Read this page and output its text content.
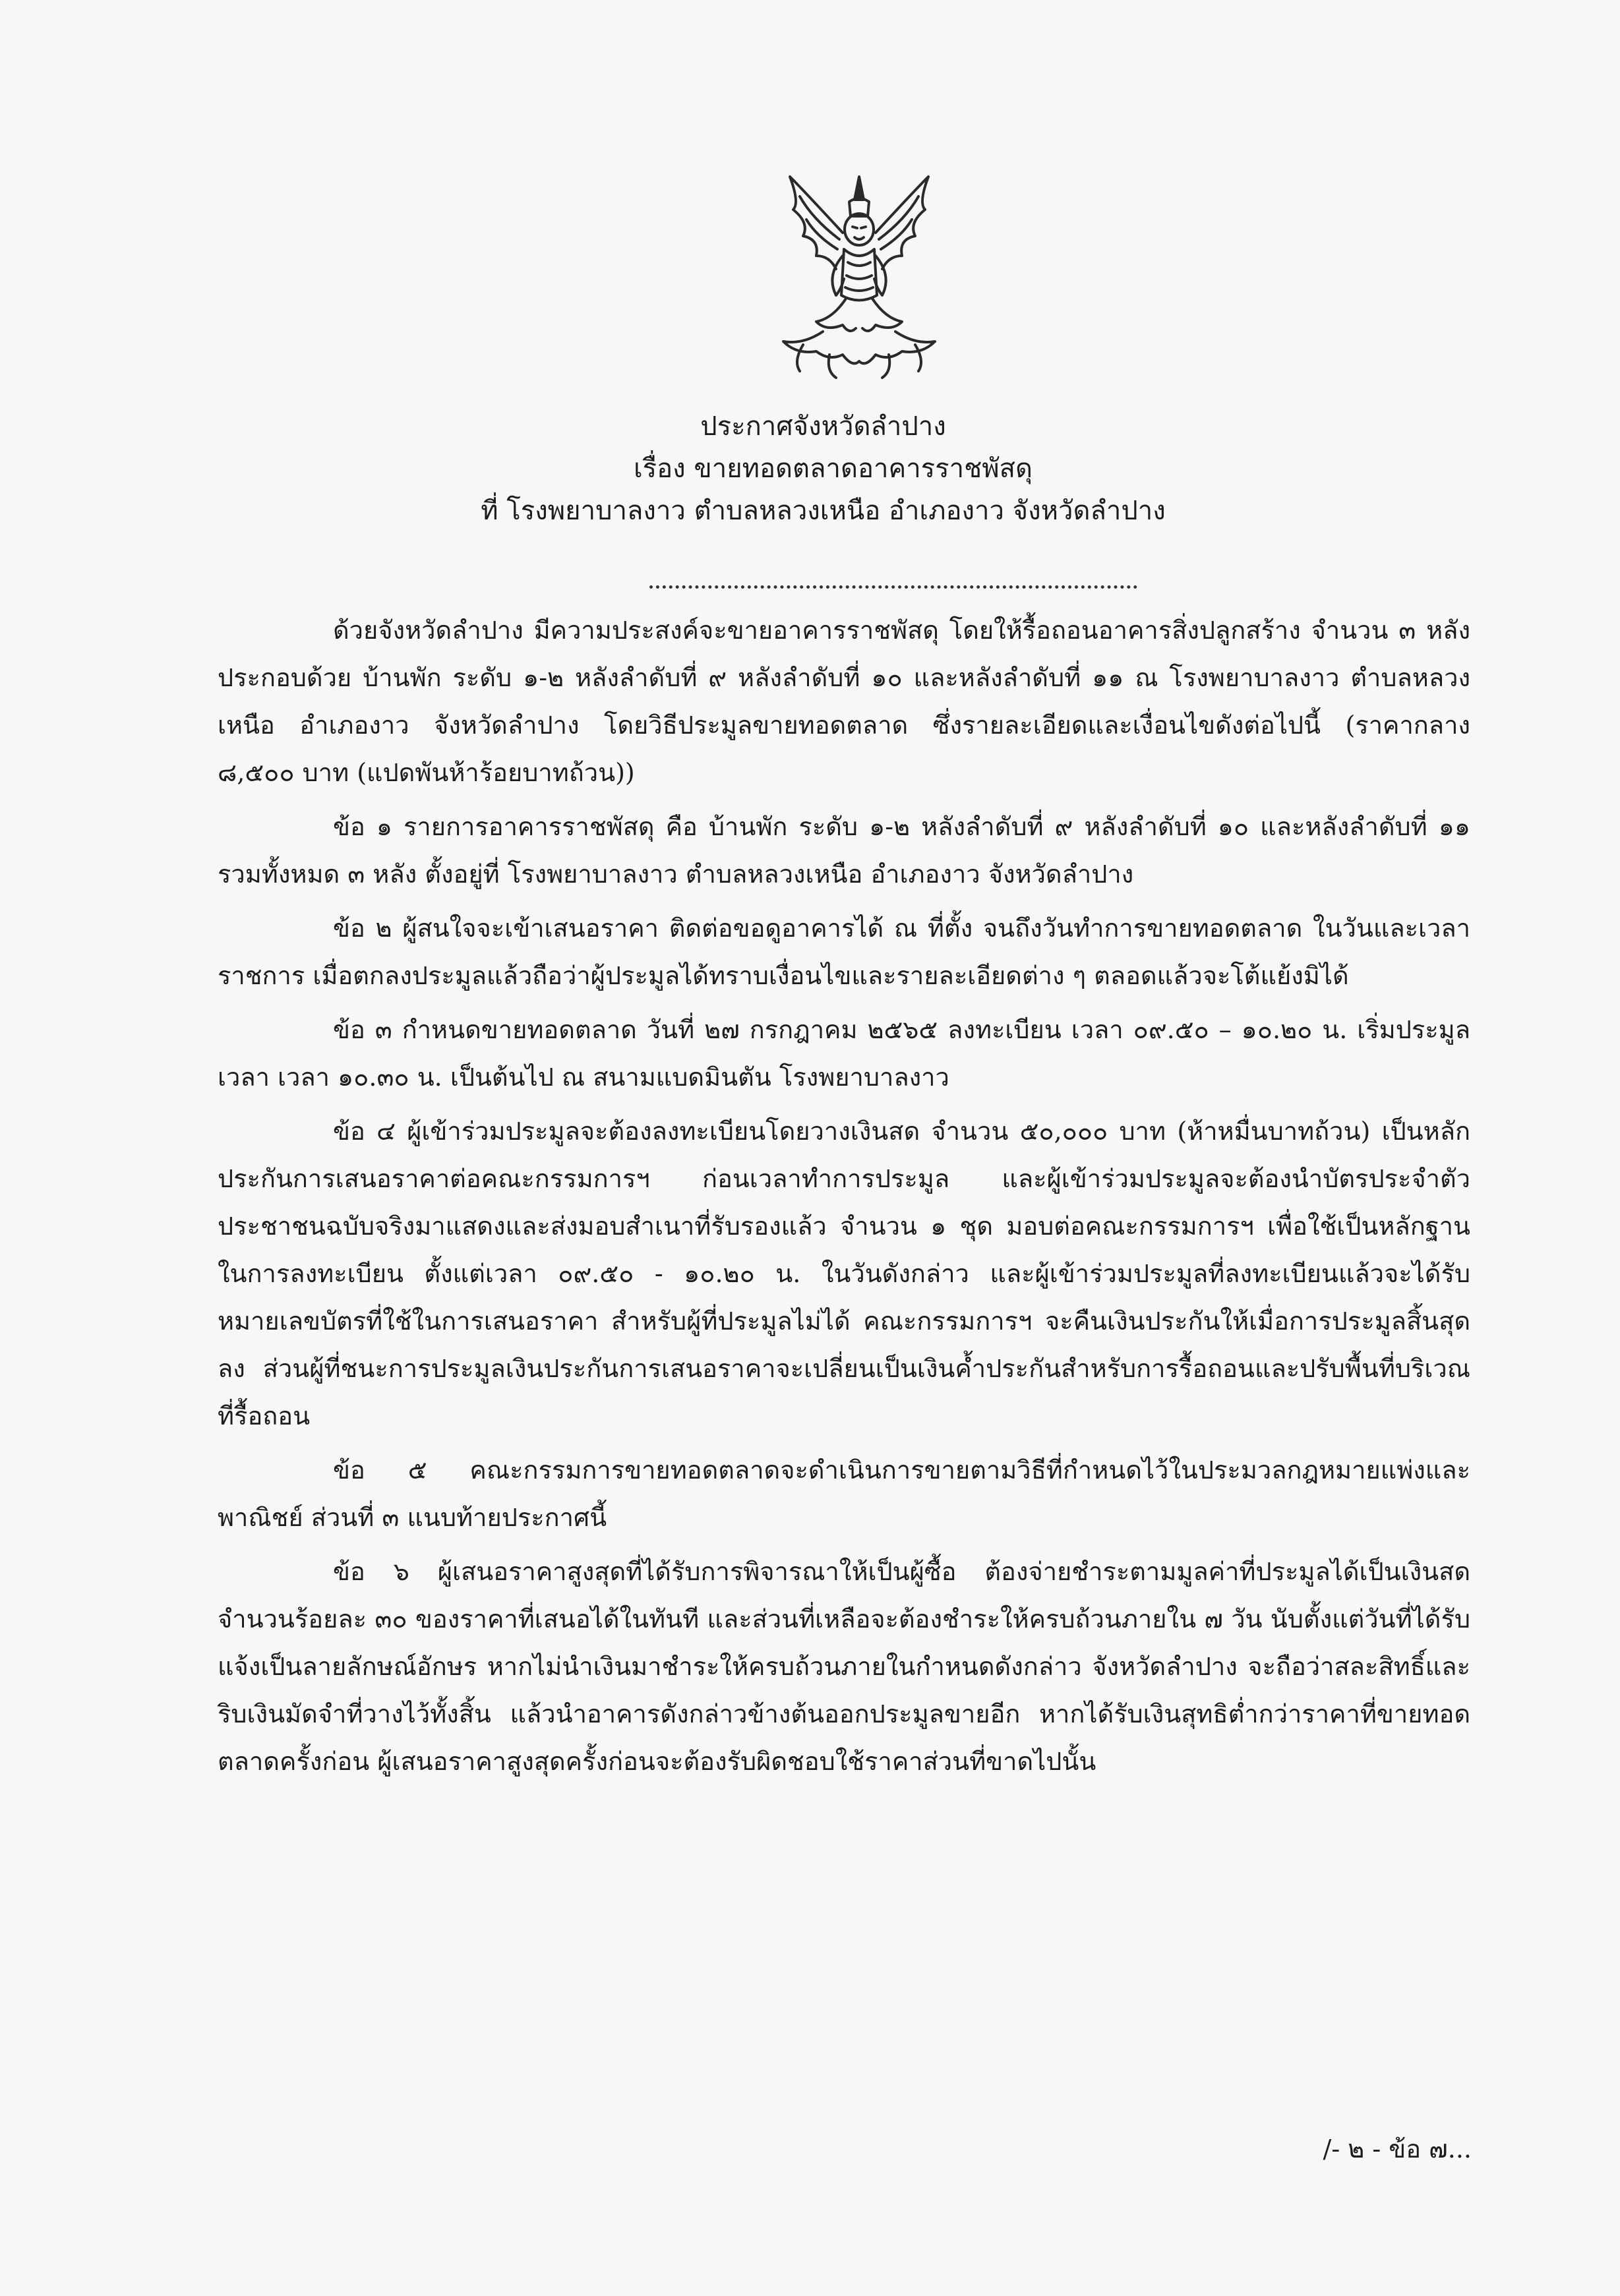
ประกาศจังหวัดลำปาง
เรื่อง ขายทอดตลาดอาคารราชพัสดุ
ที่ โรงพยาบาลงาว ตำบลหลวงเหนือ อำเภองาว จังหวัดลำปาง

ด้วยจังหวัดลำปาง มีความประสงค์จะขายอาคารราชพัสดุ โดยให้รื้อถอนอาคารสิ่งปลูกสร้าง จำนวน ๓ หลัง ประกอบด้วย บ้านพัก ระดับ ๑-๒ หลังลำดับที่ ๙ หลังลำดับที่ ๑๐ และหลังลำดับที่ ๑๑ ณ โรงพยาบาลงาว ตำบลหลวงเหนือ อำเภองาว จังหวัดลำปาง โดยวิธีประมูลขายทอดตลาด ซึ่งรายละเอียดและเงื่อนไขดังต่อไปนี้ (ราคากลาง ๘,๕๐๐ บาท (แปดพันห้าร้อยบาทถ้วน))

ข้อ ๑ รายการอาคารราชพัสดุ คือ บ้านพัก ระดับ ๑-๒ หลังลำดับที่ ๙ หลังลำดับที่ ๑๐ และหลังลำดับที่ ๑๑ รวมทั้งหมด ๓ หลัง ตั้งอยู่ที่ โรงพยาบาลงาว ตำบลหลวงเหนือ อำเภองาว จังหวัดลำปาง

ข้อ ๒ ผู้สนใจจะเข้าเสนอราคา ติดต่อขอดูอาคารได้ ณ ที่ตั้ง จนถึงวันทำการขายทอดตลาด ในวันและเวลาราชการ เมื่อตกลงประมูลแล้วถือว่าผู้ประมูลได้ทราบเงื่อนไขและรายละเอียดต่าง ๆ ตลอดแล้วจะโต้แย้งมิได้

ข้อ ๓ กำหนดขายทอดตลาด วันที่ ๒๗ กรกฎาคม ๒๕๖๕ ลงทะเบียน เวลา ๐๙.๕๐ – ๑๐.๒๐ น. เริ่มประมูลเวลา เวลา ๑๐.๓๐ น. เป็นต้นไป ณ สนามแบดมินตัน โรงพยาบาลงาว

ข้อ ๔ ผู้เข้าร่วมประมูลจะต้องลงทะเบียนโดยวางเงินสด จำนวน ๕๐,๐๐๐ บาท (ห้าหมื่นบาทถ้วน) เป็นหลักประกันการเสนอราคาต่อคณะกรรมการฯ ก่อนเวลาทำการประมูล และผู้เข้าร่วมประมูลจะต้องนำบัตรประจำตัวประชาชนฉบับจริงมาแสดงและส่งมอบสำเนาที่รับรองแล้ว จำนวน ๑ ชุด มอบต่อคณะกรรมการฯ เพื่อใช้เป็นหลักฐานในการลงทะเบียน ตั้งแต่เวลา ๐๙.๕๐ - ๑๐.๒๐ น. ในวันดังกล่าว และผู้เข้าร่วมประมูลที่ลงทะเบียนแล้วจะได้รับหมายเลขบัตรที่ใช้ในการเสนอราคา สำหรับผู้ที่ประมูลไม่ได้ คณะกรรมการฯ จะคืนเงินประกันให้เมื่อการประมูลสิ้นสุดลง ส่วนผู้ที่ชนะการประมูลเงินประกันการเสนอราคาจะเปลี่ยนเป็นเงินค้ำประกันสำหรับการรื้อถอนและปรับพื้นที่บริเวณที่รื้อถอน

ข้อ ๕ คณะกรรมการขายทอดตลาดจะดำเนินการขายตามวิธีที่กำหนดไว้ในประมวลกฎหมายแพ่งและพาณิชย์ ส่วนที่ ๓ แนบท้ายประกาศนี้

ข้อ ๖ ผู้เสนอราคาสูงสุดที่ได้รับการพิจารณาให้เป็นผู้ซื้อ ต้องจ่ายชำระตามมูลค่าที่ประมูลได้เป็นเงินสด จำนวนร้อยละ ๓๐ ของราคาที่เสนอได้ในทันที และส่วนที่เหลือจะต้องชำระให้ครบถ้วนภายใน ๗ วัน นับตั้งแต่วันที่ได้รับแจ้งเป็นลายลักษณ์อักษร หากไม่นำเงินมาชำระให้ครบถ้วนภายในกำหนดดังกล่าว จังหวัดลำปาง จะถือว่าสละสิทธิ์และริบเงินมัดจำที่วางไว้ทั้งสิ้น แล้วนำอาคารดังกล่าวข้างต้นออกประมูลขายอีก หากได้รับเงินสุทธิต่ำกว่าราคาที่ขายทอดตลาดครั้งก่อน ผู้เสนอราคาสูงสุดครั้งก่อนจะต้องรับผิดชอบใช้ราคาส่วนที่ขาดไปนั้น

/- ๒ - ข้อ ๗...
